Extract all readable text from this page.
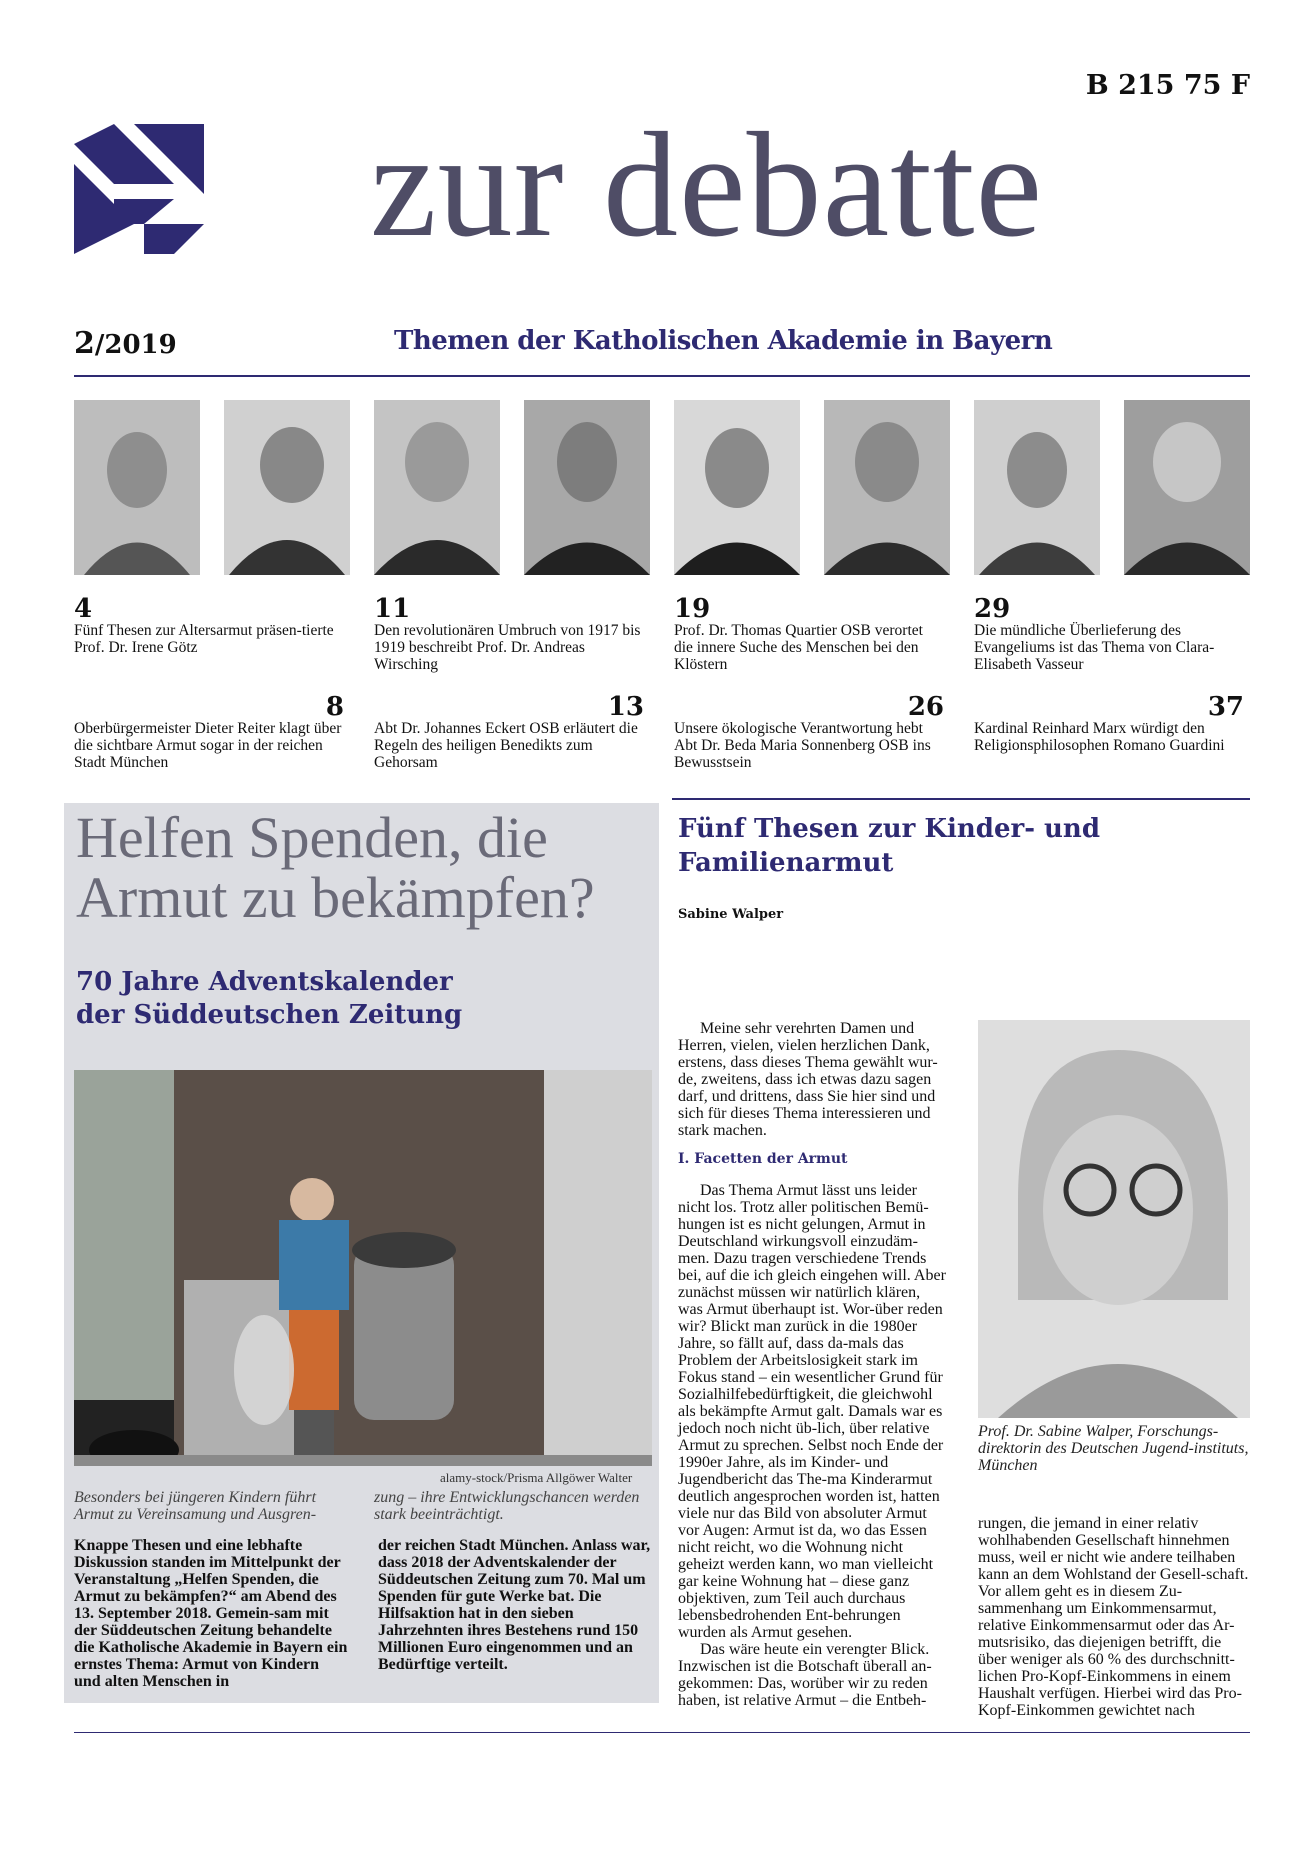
B 215 75 F
zur debatte
2/2019	Themen der Katholischen Akademie in Bayern
4
Fünf Thesen zur Altersarmut präsen-tierte Prof. Dr. Irene Götz
11
Den revolutionären Umbruch von 1917 bis 1919 beschreibt Prof. Dr. Andreas Wirsching
19
Prof. Dr. Thomas Quartier OSB verortet die innere Suche des Menschen bei den Klöstern
29
Die mündliche Überlieferung des Evangeliums ist das Thema von Clara-Elisabeth Vasseur
8
Oberbürgermeister Dieter Reiter klagt über die sichtbare Armut sogar in der reichen Stadt München
13
Abt Dr. Johannes Eckert OSB erläutert die Regeln des heiligen Benedikts zum Gehorsam
26
Unsere ökologische Verantwortung hebt Abt Dr. Beda Maria Sonnenberg OSB ins Bewusstsein
37
Kardinal Reinhard Marx würdigt den Religionsphilosophen Romano Guardini
Helfen Spenden, die
Armut zu bekämpfen?
70 Jahre Adventskalender
der Süddeutschen Zeitung
alamy-stock/Prisma Allgöwer Walter
Besonders bei jüngeren Kindern führt Armut zu Vereinsamung und Ausgren-
zung – ihre Entwicklungschancen werden stark beeinträchtigt.
Knappe Thesen und eine lebhafte Diskussion standen im Mittelpunkt der Veranstaltung „Helfen Spenden, die Armut zu bekämpfen?“ am Abend des 13. September 2018. Gemein-sam mit der Süddeutschen Zeitung behandelte die Katholische Akademie in Bayern ein ernstes Thema: Armut von Kindern und alten Menschen in
der reichen Stadt München. Anlass war, dass 2018 der Adventskalender der Süddeutschen Zeitung zum 70. Mal um Spenden für gute Werke bat. Die Hilfsaktion hat in den sieben Jahrzehnten ihres Bestehens rund 150 Millionen Euro eingenommen und an Bedürftige verteilt.
Fünf Thesen zur Kinder- und
Familienarmut
Sabine Walper

Meine sehr verehrten Damen und Herren, vielen, vielen herzlichen Dank, erstens, dass dieses Thema gewählt wur-de, zweitens, dass ich etwas dazu sagen darf, und drittens, dass Sie hier sind und sich für dieses Thema interessieren und stark machen.

I. Facetten der Armut

Das Thema Armut lässt uns leider nicht los. Trotz aller politischen Bemü-hungen ist es nicht gelungen, Armut in Deutschland wirkungsvoll einzudäm-men. Dazu tragen verschiedene Trends bei, auf die ich gleich eingehen will. Aber zunächst müssen wir natürlich klären, was Armut überhaupt ist. Wor-über reden wir? Blickt man zurück in die 1980er Jahre, so fällt auf, dass da-mals das Problem der Arbeitslosigkeit stark im Fokus stand – ein wesentlicher Grund für Sozialhilfebedürftigkeit, die gleichwohl als bekämpfte Armut galt. Damals war es jedoch noch nicht üb-lich, über relative Armut zu sprechen. Selbst noch Ende der 1990er Jahre, als im Kinder- und Jugendbericht das The-ma Kinderarmut deutlich angesprochen worden ist, hatten viele nur das Bild von absoluter Armut vor Augen: Armut ist da, wo das Essen nicht reicht, wo die Wohnung nicht geheizt werden kann, wo man vielleicht gar keine Wohnung hat – diese ganz objektiven, zum Teil auch durchaus lebensbedrohenden Ent-behrungen wurden als Armut gesehen.

Das wäre heute ein verengter Blick. Inzwischen ist die Botschaft überall an-gekommen: Das, worüber wir zu reden haben, ist relative Armut – die Entbeh-

Prof. Dr. Sabine Walper, Forschungs-direktorin des Deutschen Jugend-instituts, München
rungen, die jemand in einer relativ wohlhabenden Gesellschaft hinnehmen muss, weil er nicht wie andere teilhaben kann an dem Wohlstand der Gesell-schaft. Vor allem geht es in diesem Zu-sammenhang um Einkommensarmut, relative Einkommensarmut oder das Ar-mutsrisiko, das diejenigen betrifft, die über weniger als 60 % des durchschnitt-lichen Pro-Kopf-Einkommens in einem Haushalt verfügen. Hierbei wird das Pro-Kopf-Einkommen gewichtet nach
